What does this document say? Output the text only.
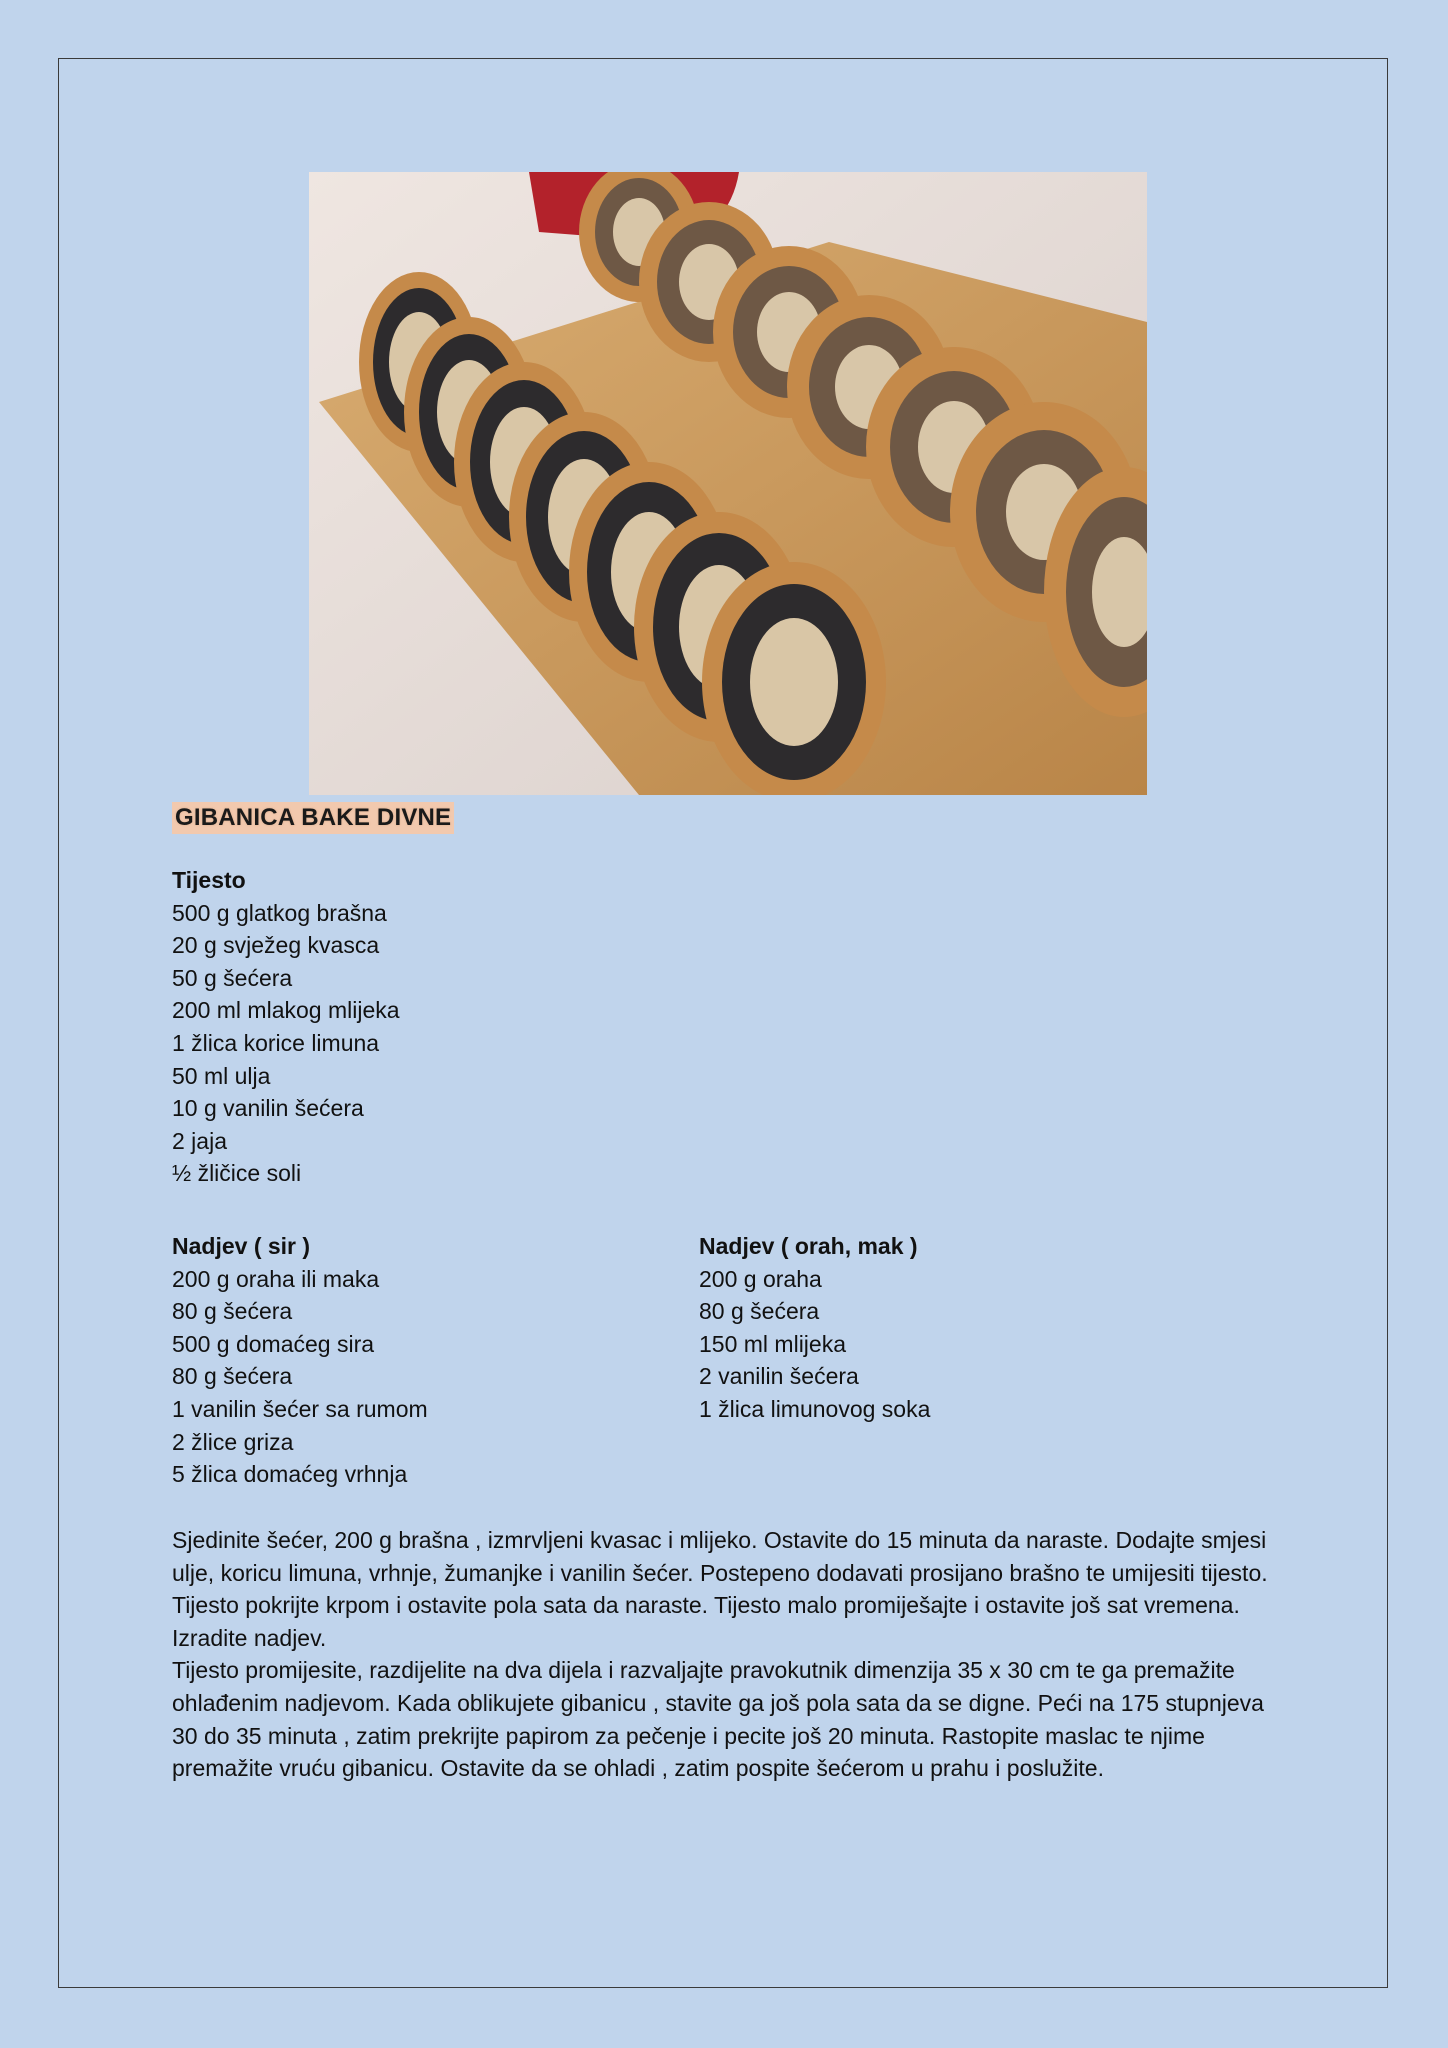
GIBANICA BAKE DIVNE
Tijesto
500 g glatkog brašna
20 g svježeg kvasca
50 g šećera
200 ml mlakog mlijeka
1 žlica korice limuna
50 ml ulja
10 g vanilin šećera
2 jaja
½ žličice soli
Nadjev ( sir )
200 g oraha ili maka
80 g šećera
500 g domaćeg sira
80 g šećera
1 vanilin šećer sa rumom
2 žlice griza
5 žlica domaćeg vrhnja
Nadjev ( orah, mak )
200 g oraha
80 g šećera
150 ml mlijeka
2 vanilin šećera
1 žlica limunovog soka

Sjedinite šećer, 200 g brašna , izmrvljeni kvasac i mlijeko. Ostavite do 15 minuta da naraste. Dodajte smjesi ulje, koricu limuna, vrhnje, žumanjke i vanilin šećer. Postepeno dodavati prosijano brašno te umijesiti tijesto. Tijesto pokrijte krpom i ostavite pola sata da naraste. Tijesto malo promiješajte i ostavite još sat vremena.

Izradite nadjev.

Tijesto promijesite, razdijelite na dva dijela i razvaljajte pravokutnik dimenzija 35 x 30 cm te ga premažite ohlađenim nadjevom. Kada oblikujete gibanicu , stavite ga još pola sata da se digne. Peći na 175 stupnjeva 30 do 35 minuta , zatim prekrijte papirom za pečenje i pecite još 20 minuta. Rastopite maslac te njime premažite vruću gibanicu. Ostavite da se ohladi , zatim pospite šećerom u prahu i poslužite.
